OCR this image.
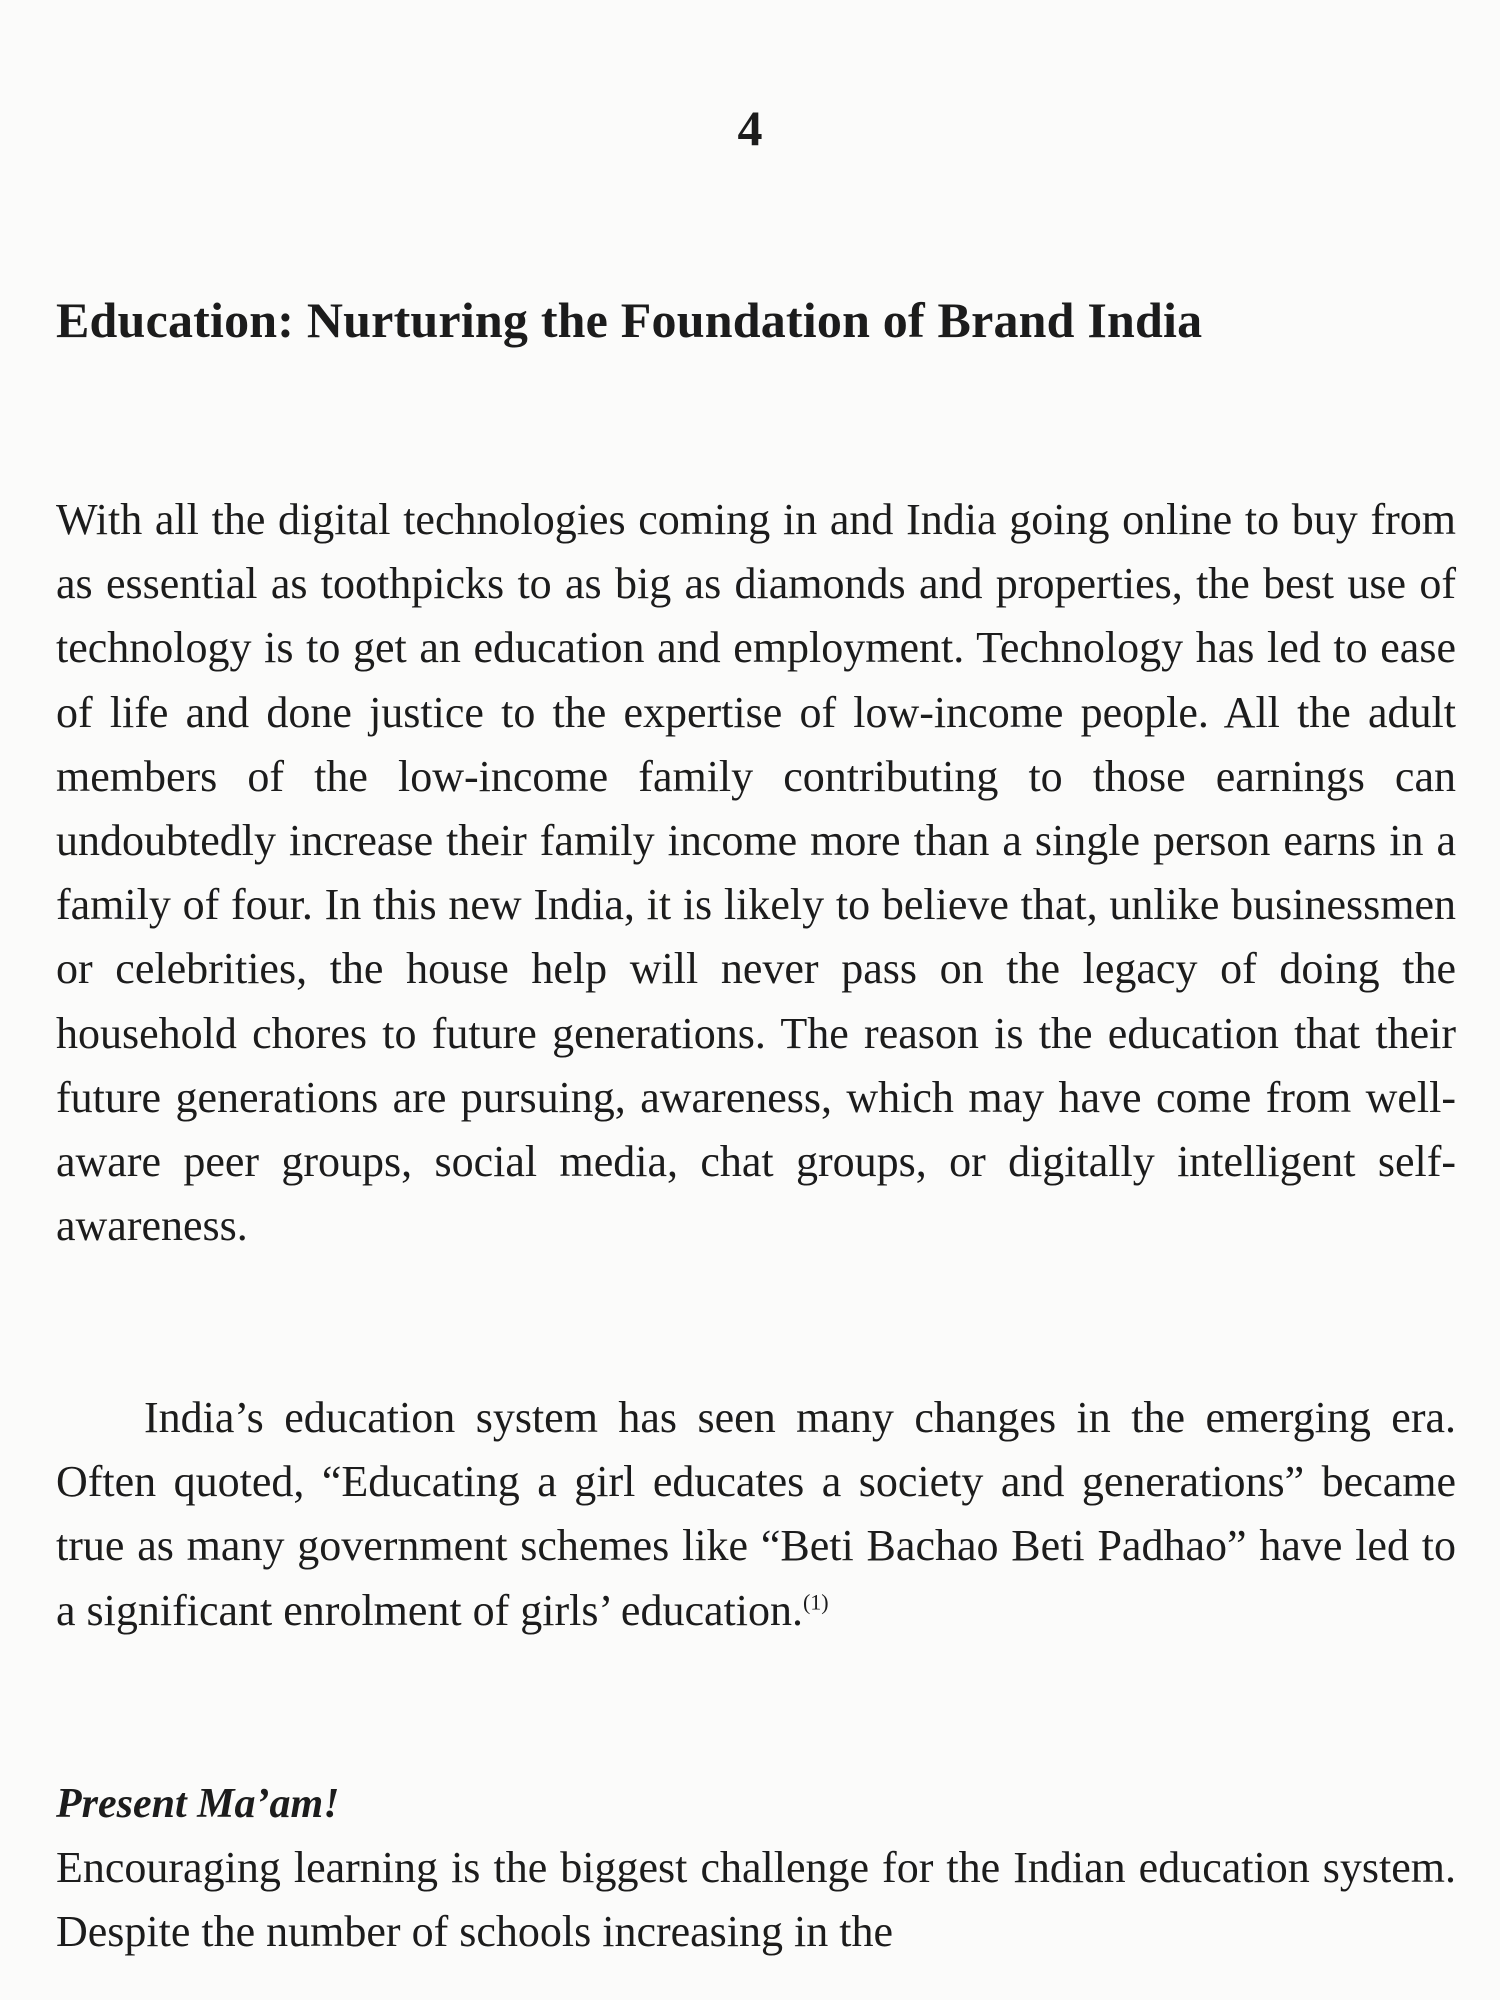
4
Education: Nurturing the Foundation of Brand India

With all the digital technologies coming in and India going online to buy from as essential as toothpicks to as big as diamonds and properties, the best use of technology is to get an education and employment. Technology has led to ease of life and done justice to the expertise of low-income people. All the adult members of the low-income family contributing to those earnings can undoubtedly increase their family income more than a single person earns in a family of four. In this new India, it is likely to believe that, unlike businessmen or celebrities, the house help will never pass on the legacy of doing the household chores to future generations. The reason is the education that their future generations are pursuing, awareness, which may have come from well-aware peer groups, social media, chat groups, or digitally intelligent self-awareness.

India’s education system has seen many changes in the emerging era. Often quoted, “Educating a girl educates a society and generations” became true as many government schemes like “Beti Bachao Beti Padhao” have led to a significant enrolment of girls’ education.$^{(1)}$

Present Ma’am!

Encouraging learning is the biggest challenge for the Indian education system. Despite the number of schools increasing in the
